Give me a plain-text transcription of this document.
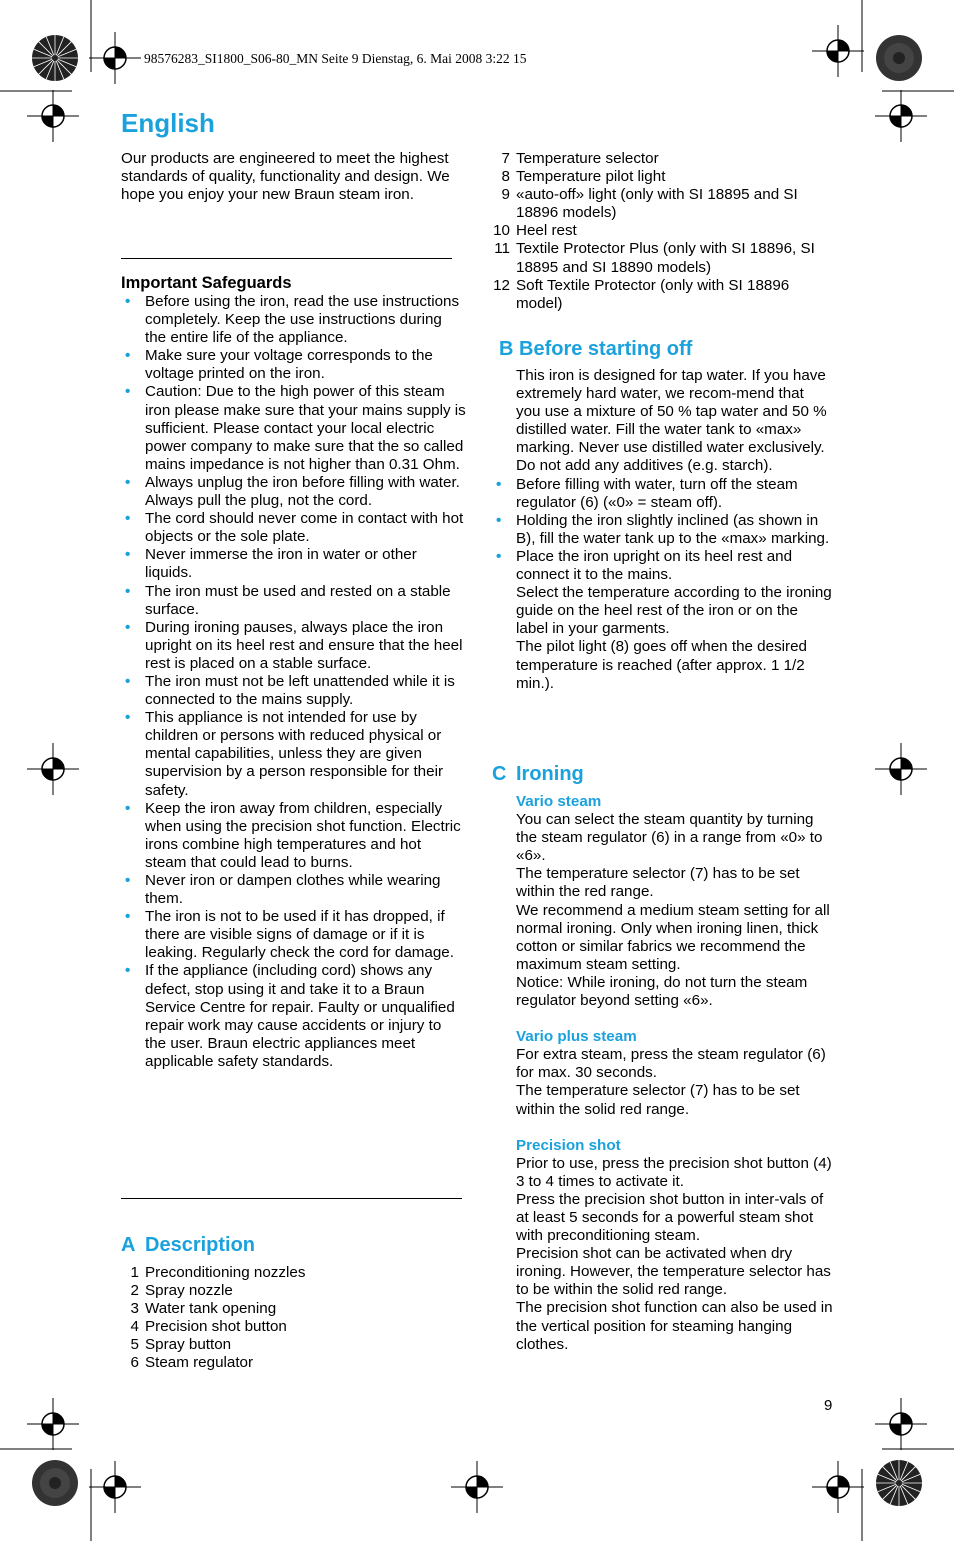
98576283_SI1800_S06-80_MN Seite 9 Dienstag, 6. Mai 2008 3:22 15
English
Our products are engineered to meet the highest standards of quality, functionality and design. We hope you enjoy your new Braun steam iron.
Important Safeguards
• Before using the iron, read the use instructions completely. Keep the use instructions during the entire life of the appliance.
• Make sure your voltage corresponds to the voltage printed on the iron.
• Caution: Due to the high power of this steam iron please make sure that your mains supply is sufficient. Please contact your local electric power company to make sure that the so called mains impedance is not higher than 0.31 Ohm.
• Always unplug the iron before filling with water. Always pull the plug, not the cord.
• The cord should never come in contact with hot objects or the sole plate.
• Never immerse the iron in water or other liquids.
• The iron must be used and rested on a stable surface.
• During ironing pauses, always place the iron upright on its heel rest and ensure that the heel rest is placed on a stable surface.
• The iron must not be left unattended while it is connected to the mains supply.
• This appliance is not intended for use by children or persons with reduced physical or mental capabilities, unless they are given supervision by a person responsible for their safety.
• Keep the iron away from children, especially when using the precision shot function. Electric irons combine high temperatures and hot steam that could lead to burns.
• Never iron or dampen clothes while wearing them.
• The iron is not to be used if it has dropped, if there are visible signs of damage or if it is leaking. Regularly check the cord for damage.
• If the appliance (including cord) shows any defect, stop using it and take it to a Braun Service Centre for repair. Faulty or unqualified repair work may cause accidents or injury to the user. Braun electric appliances meet applicable safety standards.
A Description
1 Preconditioning nozzles
2 Spray nozzle
3 Water tank opening
4 Precision shot button
5 Spray button
6 Steam regulator
7 Temperature selector
8 Temperature pilot light
9 «auto-off» light (only with SI 18895 and SI 18896 models)
10 Heel rest
11 Textile Protector Plus (only with SI 18896, SI 18895 and SI 18890 models)
12 Soft Textile Protector (only with SI 18896 model)
B Before starting off
This iron is designed for tap water. If you have extremely hard water, we recom-mend that you use a mixture of 50 % tap water and 50 % distilled water. Fill the water tank to «max» marking. Never use distilled water exclusively. Do not add any additives (e.g. starch).
• Before filling with water, turn off the steam regulator (6) («0» = steam off).
• Holding the iron slightly inclined (as shown in B), fill the water tank up to the «max» marking.
• Place the iron upright on its heel rest and connect it to the mains.
Select the temperature according to the ironing guide on the heel rest of the iron or on the label in your garments.
The pilot light (8) goes off when the desired temperature is reached (after approx. 1 1/2 min.).
C Ironing
Vario steam
You can select the steam quantity by turning the steam regulator (6) in a range from «0» to «6».
The temperature selector (7) has to be set within the red range.
We recommend a medium steam setting for all normal ironing. Only when ironing linen, thick cotton or similar fabrics we recommend the maximum steam setting.
Notice: While ironing, do not turn the steam regulator beyond setting «6».
Vario plus steam
For extra steam, press the steam regulator (6) for max. 30 seconds.
The temperature selector (7) has to be set within the solid red range.
Precision shot
Prior to use, press the precision shot button (4) 3 to 4 times to activate it.
Press the precision shot button in inter-vals of at least 5 seconds for a powerful steam shot with preconditioning steam.
Precision shot can be activated when dry ironing. However, the temperature selector has to be within the solid red range.
The precision shot function can also be used in the vertical position for steaming hanging clothes.
9
